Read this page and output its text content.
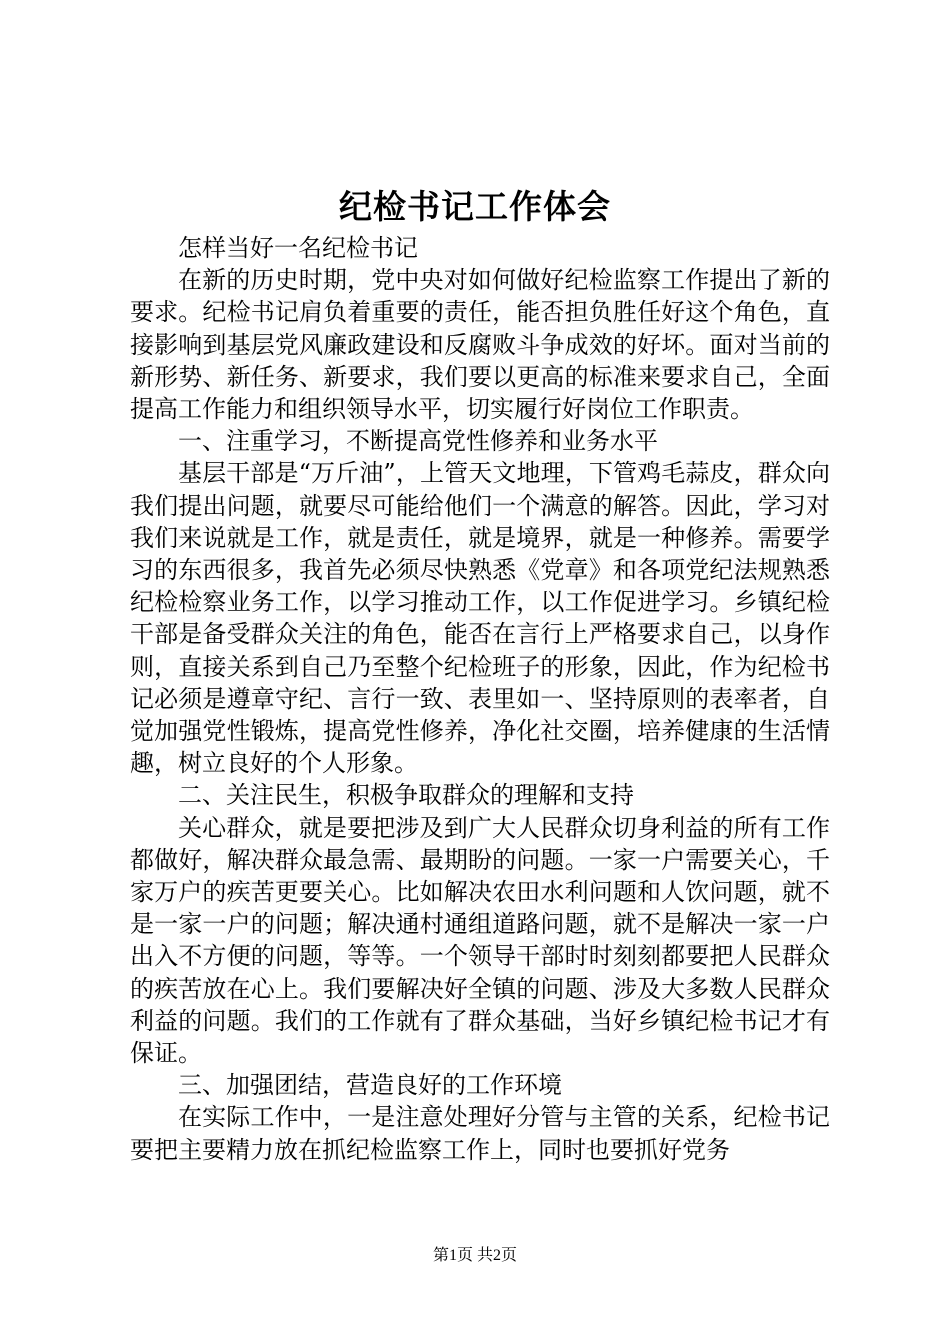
纪检书记工作体会

怎样当好一名纪检书记

在新的历史时期，党中央对如何做好纪检监察工作提出了新的要求。纪检书记肩负着重要的责任，能否担负胜任好这个角色，直接影响到基层党风廉政建设和反腐败斗争成效的好坏。面对当前的新形势、新任务、新要求，我们要以更高的标准来要求自己，全面提高工作能力和组织领导水平，切实履行好岗位工作职责。

一、注重学习，不断提高党性修养和业务水平

基层干部是“万斤油”，上管天文地理，下管鸡毛蒜皮，群众向我们提出问题，就要尽可能给他们一个满意的解答。因此，学习对我们来说就是工作，就是责任，就是境界，就是一种修养。需要学习的东西很多，我首先必须尽快熟悉《党章》和各项党纪法规熟悉纪检检察业务工作，以学习推动工作，以工作促进学习。乡镇纪检干部是备受群众关注的角色，能否在言行上严格要求自己，以身作则，直接关系到自己乃至整个纪检班子的形象，因此，作为纪检书记必须是遵章守纪、言行一致、表里如一、坚持原则的表率者，自觉加强党性锻炼，提高党性修养，净化社交圈，培养健康的生活情趣，树立良好的个人形象。

二、关注民生，积极争取群众的理解和支持

关心群众，就是要把涉及到广大人民群众切身利益的所有工作都做好，解决群众最急需、最期盼的问题。一家一户需要关心，千家万户的疾苦更要关心。比如解决农田水利问题和人饮问题，就不是一家一户的问题；解决通村通组道路问题，就不是解决一家一户出入不方便的问题，等等。一个领导干部时时刻刻都要把人民群众的疾苦放在心上。我们要解决好全镇的问题、涉及大多数人民群众利益的问题。我们的工作就有了群众基础，当好乡镇纪检书记才有保证。

三、加强团结，营造良好的工作环境

在实际工作中，一是注意处理好分管与主管的关系，纪检书记要把主要精力放在抓纪检监察工作上，同时也要抓好党务

第1页 共2页
